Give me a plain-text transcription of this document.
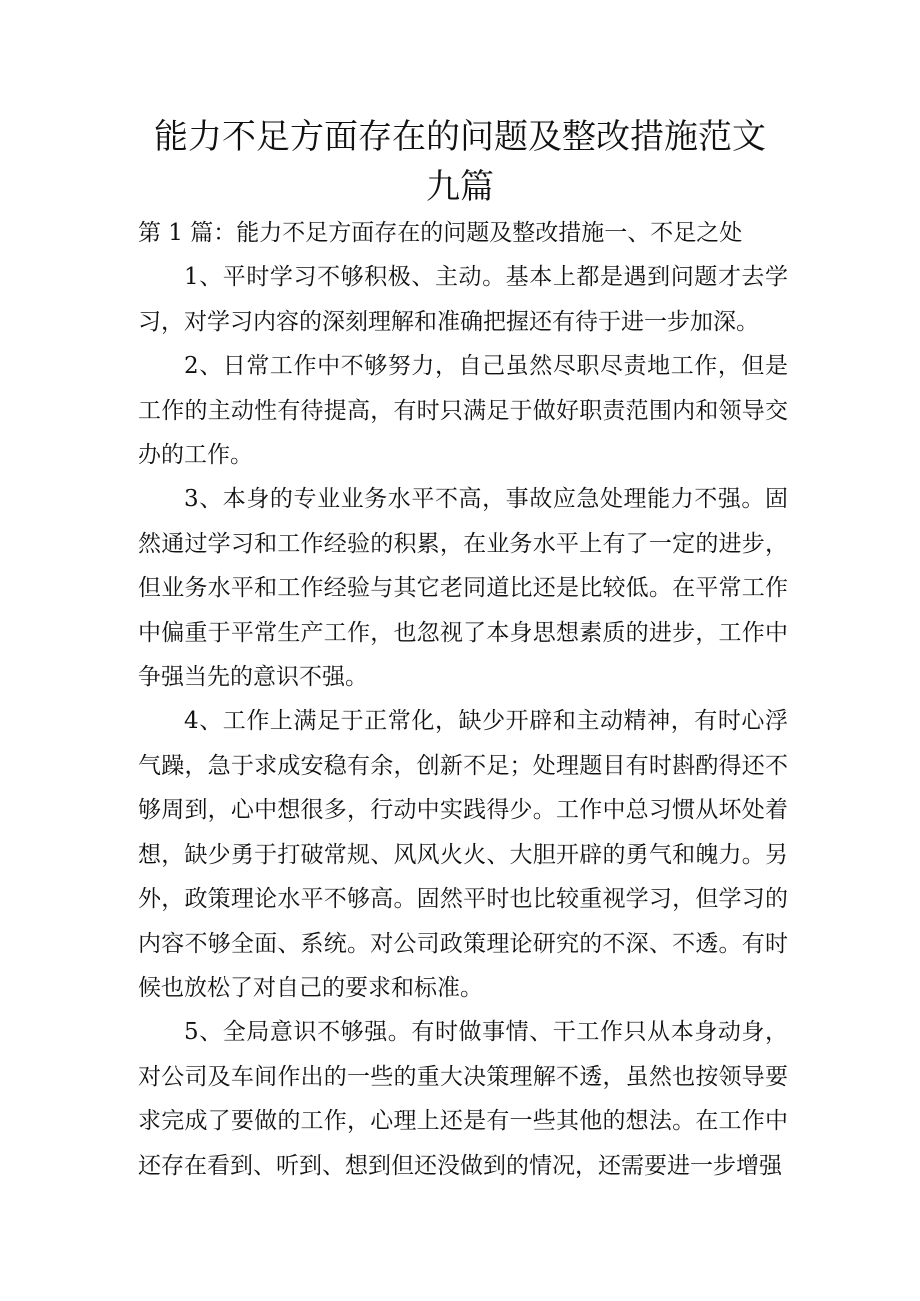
能力不足方面存在的问题及整改措施范文
九篇

第 1 篇：能力不足方面存在的问题及整改措施一、不足之处

1、平时学习不够积极、主动。基本上都是遇到问题才去学习，对学习内容的深刻理解和准确把握还有待于进一步加深。

2、日常工作中不够努力，自己虽然尽职尽责地工作，但是工作的主动性有待提高，有时只满足于做好职责范围内和领导交办的工作。

3、本身的专业业务水平不高，事故应急处理能力不强。固然通过学习和工作经验的积累，在业务水平上有了一定的进步，但业务水平和工作经验与其它老同道比还是比较低。在平常工作中偏重于平常生产工作，也忽视了本身思想素质的进步，工作中争强当先的意识不强。

4、工作上满足于正常化，缺少开辟和主动精神，有时心浮气躁，急于求成安稳有余，创新不足；处理题目有时斟酌得还不够周到，心中想很多，行动中实践得少。工作中总习惯从坏处着想，缺少勇于打破常规、风风火火、大胆开辟的勇气和魄力。另外，政策理论水平不够高。固然平时也比较重视学习，但学习的内容不够全面、系统。对公司政策理论研究的不深、不透。有时候也放松了对自己的要求和标准。

5、全局意识不够强。有时做事情、干工作只从本身动身，对公司及车间作出的一些的重大决策理解不透，虽然也按领导要求完成了要做的工作，心理上还是有一些其他的想法。在工作中还存在看到、听到、想到但还没做到的情况，还需要进一步增强
